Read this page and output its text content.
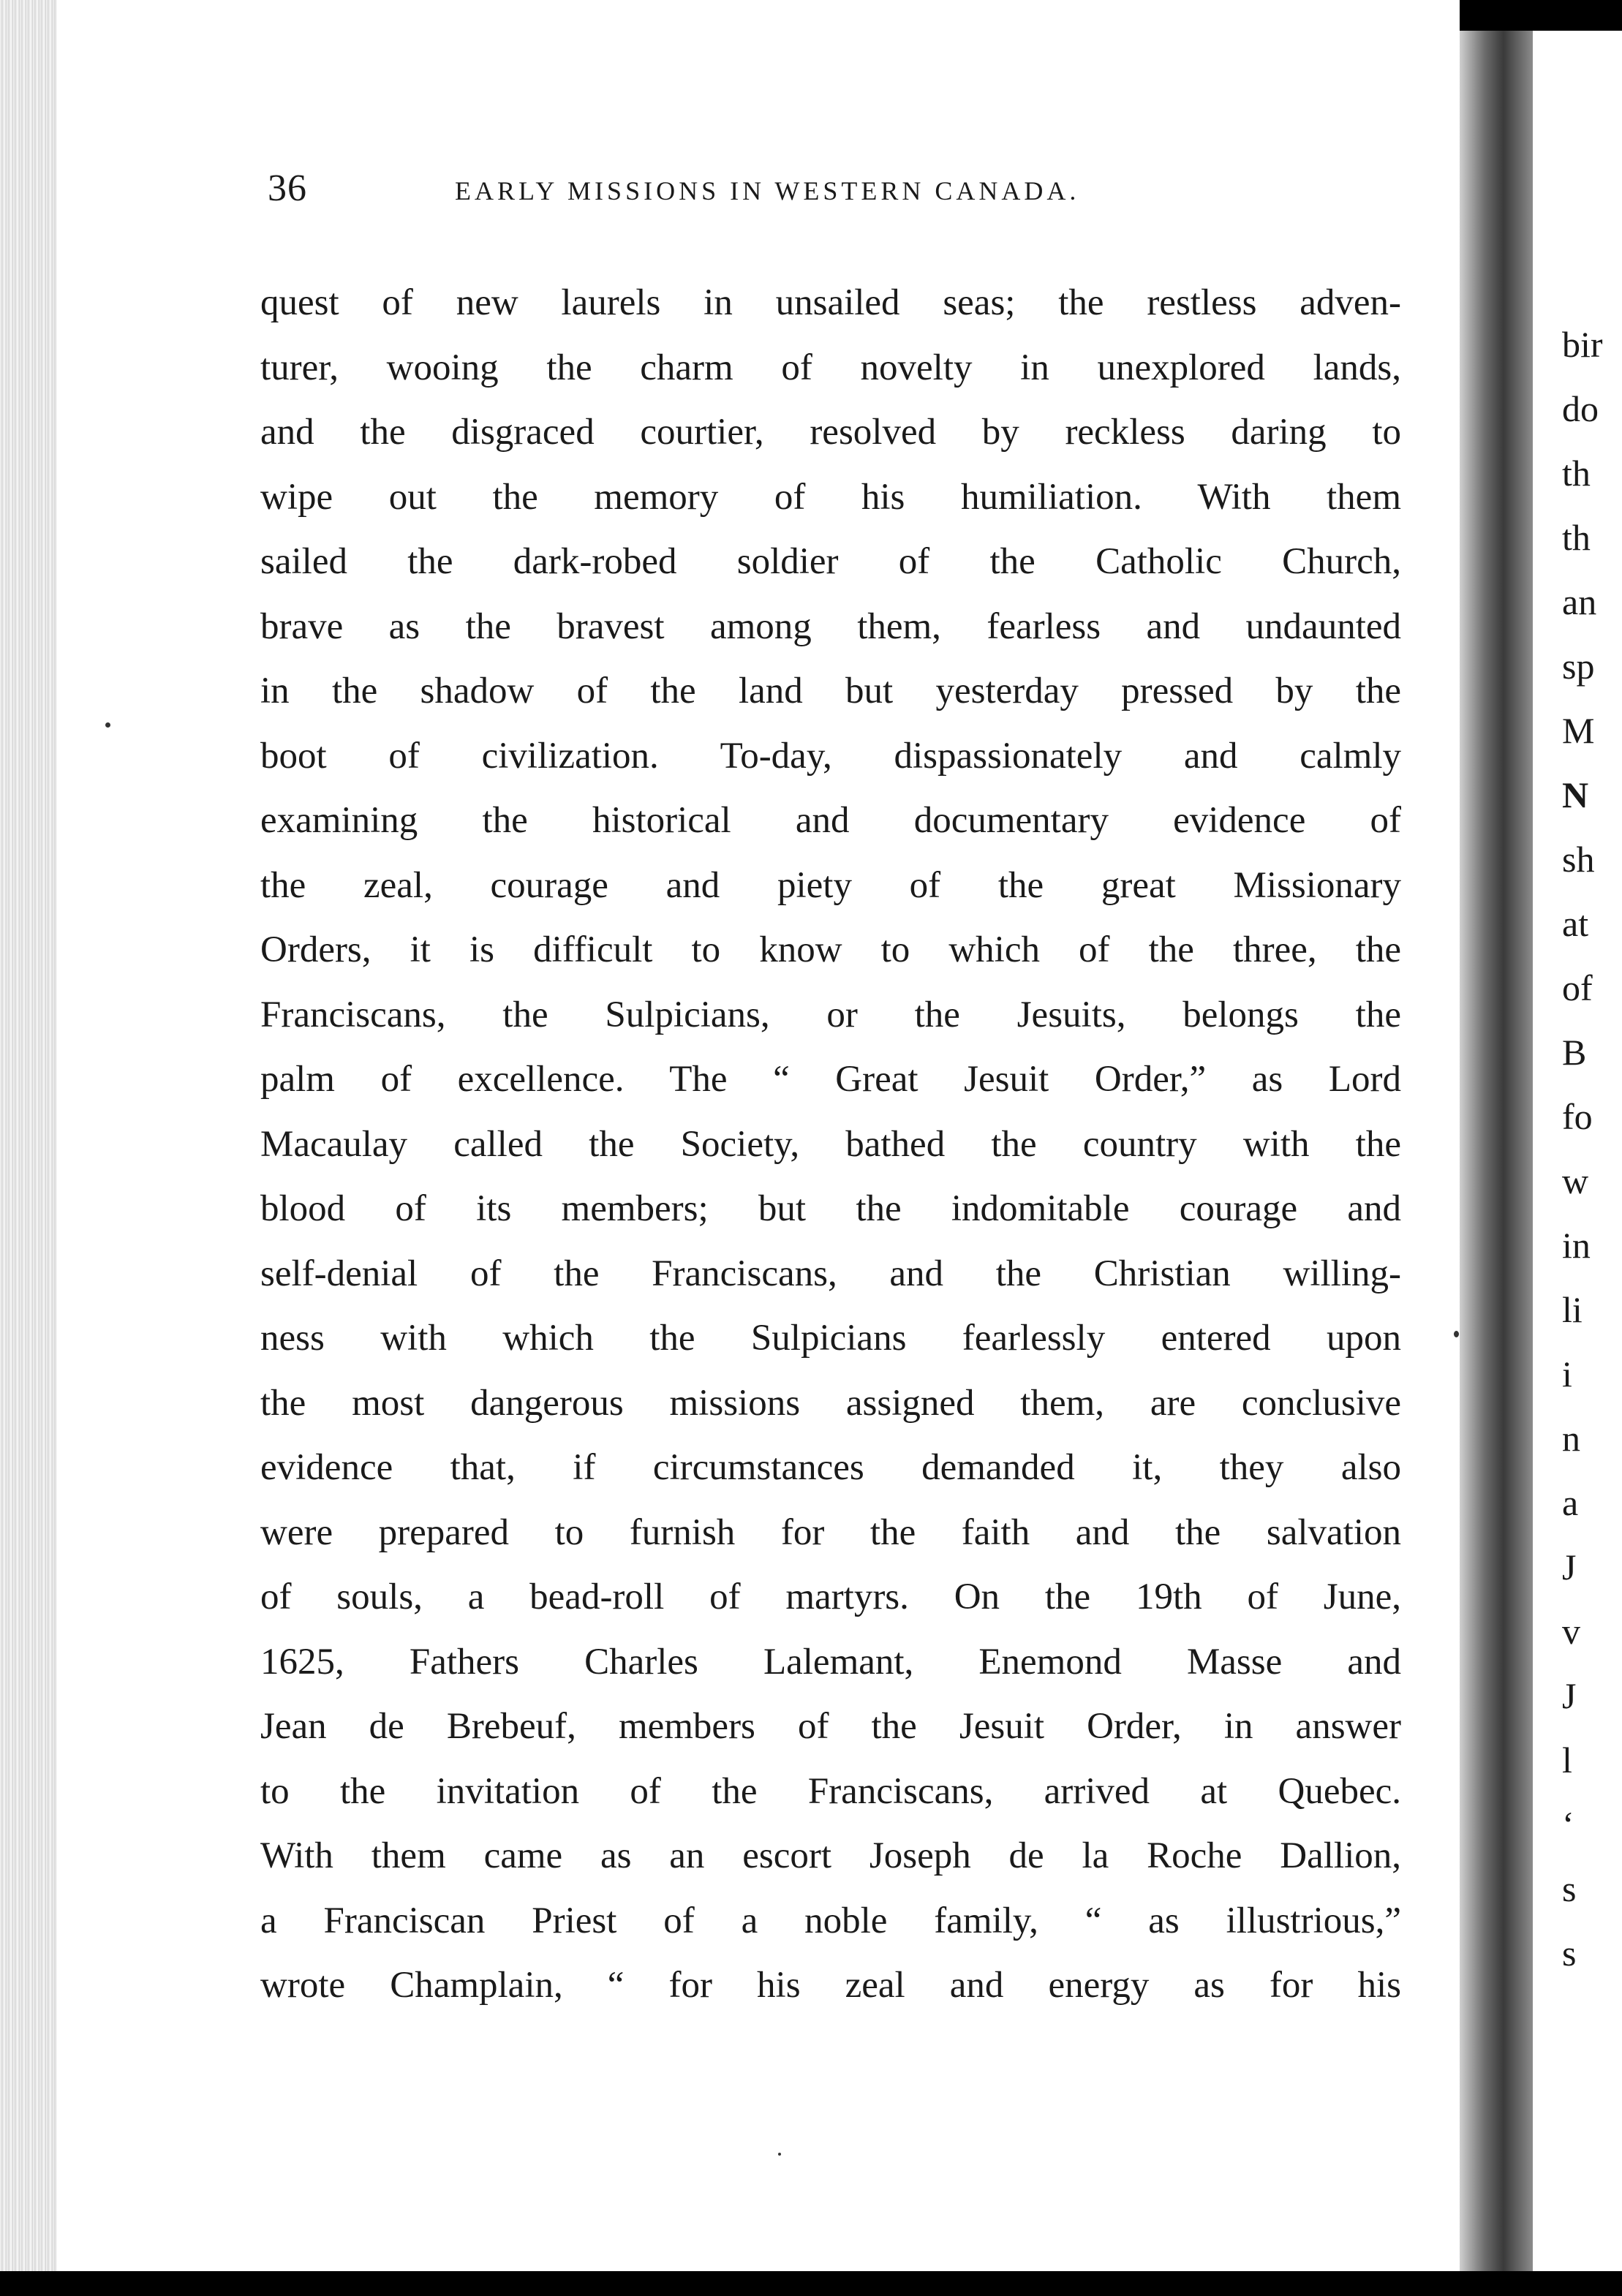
36	EARLY MISSIONS IN WESTERN CANADA.
quest of new laurels in unsailed seas; the restless adven-
turer, wooing the charm of novelty in unexplored lands,
and the disgraced courtier, resolved by reckless daring to
wipe out the memory of his humiliation. With them
sailed the dark-robed soldier of the Catholic Church,
brave as the bravest among them, fearless and undaunted
in the shadow of the land but yesterday pressed by the
boot of civilization. To-day, dispassionately and calmly
examining the historical and documentary evidence of
the zeal, courage and piety of the great Missionary
Orders, it is difficult to know to which of the three, the
Franciscans, the Sulpicians, or the Jesuits, belongs the
palm of excellence. The “ Great Jesuit Order,” as Lord
Macaulay called the Society, bathed the country with the
blood of its members; but the indomitable courage and
self-denial of the Franciscans, and the Christian willing-
ness with which the Sulpicians fearlessly entered upon
the most dangerous missions assigned them, are conclusive
evidence that, if circumstances demanded it, they also
were prepared to furnish for the faith and the salvation
of souls, a bead-roll of martyrs. On the 19th of June,
1625, Fathers Charles Lalemant, Enemond Masse and
Jean de Brebeuf, members of the Jesuit Order, in answer
to the invitation of the Franciscans, arrived at Quebec.
With them came as an escort Joseph de la Roche Dallion,
a Franciscan Priest of a noble family, “ as illustrious,”
wrote Champlain, “ for his zeal and energy as for his
bir
do
th
th
an
sp
M
N
sh
at
of
B
fo
w
in
li
i
n
a
J
v
J
l
‘
s
s
